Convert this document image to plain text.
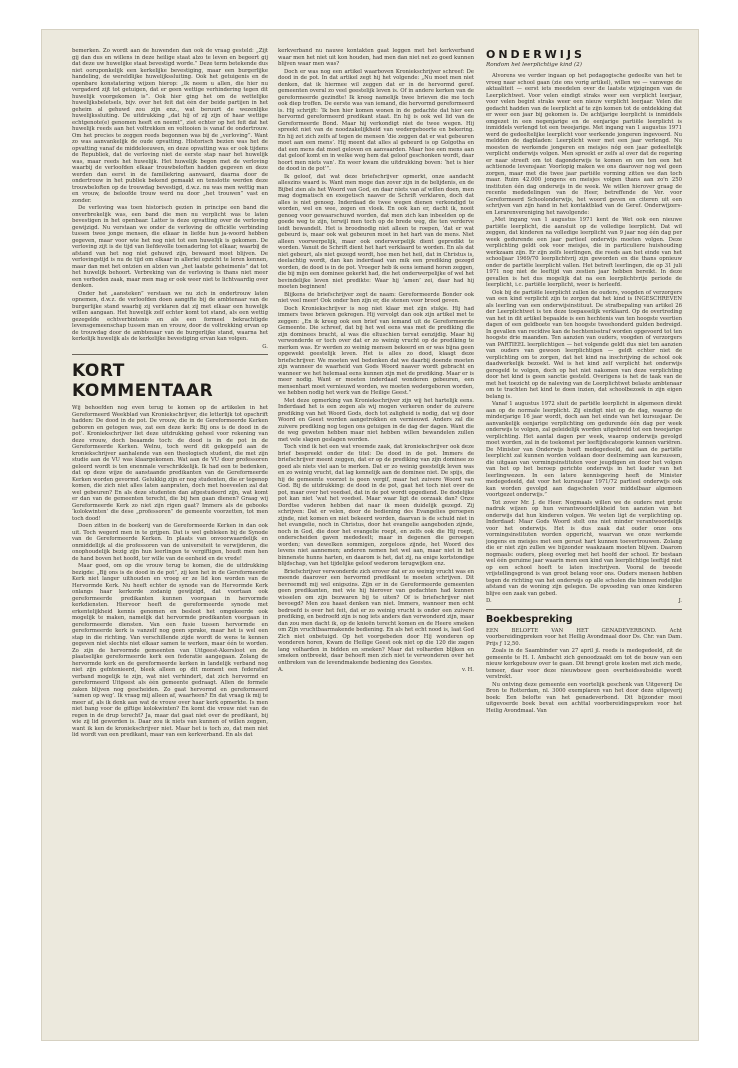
bemerken. Zo wordt aan de huwenden dan ook de vraag gesteld: „Zijt gij dan dus en willens in deze heilige staat alzo te leven en begeert gij dat deze uw huwelijke staat bevestigd worde.” Deze term betekende dus niet ooruponkelijk een kerkelijke bevestiging, maar een burgerlijke handeling, de wereldlijke huwelijkssluiting. Ook het getuigenis en de openbare konstatering wijzen hierop: „Ik neem u allen, die hier nu vergaderd zijt tot getuigen, dat er geen wettige verhindering tegen dit huwelijk voorgekomen is”. Ook hier ging het om de wettelijke huwelijksbeletsels, bijv. over het feit dat één der beide partijen in het geheim al gehuwd zou zijn enz., wat beruurt de wezenlijke huwelijkssluiting. De uitdrukking „dat hij of zij zijn of haar wettige echtgenote(e) genomen heeft en neemt”, ziet echter op het feit dat het huwelijk reeds aan het voltrekken en voltooien is vanaf de ondertrouw. Om het precies te zeggen reeds begonnen was bij de „verloving”. Want zo was aanvankelijk de oude opvatting. Historisch bezien was het de opvatting vanaf de middeleeuwen, en deze opvatting was er ook tijdens de Republiek, dat de verloving niet de eerste stap naar het huwelijk was, maar reeds het huwelijk. Het huwelijk begon met de verloving waarbij de verloofden elkaar trouwbeloften hadden gegeven en deze werden dan eerst in de familiekring aanvaard, daarna door de ondertrouw in het publiek bekend gemaakt en tenslotte werden deze trouwbeloften op de trouwdag bevestigd, d.w.z. nu was men wettig man en vrouw, de beloofde trouw werd nu door „het trouwen” vast en zonder.

De verloving was toen historisch gezien in principe een band die onverbrekelijk was, een band die men nu verplicht was te laten bevestigen in het openbaar. Latter is deze opvatting over de verloving gewijzigd. Nu verstaan we onder de verloving de officiële verbinding tussen twee jonge mensen, die elkaar in liefde hun ja-woord hebben gegeven, maar voor wie het nog niet tot een huwelijk is gekomen. De verloving zijt is de tijd van liefdevolle toenadering tot elkaar, waarbij de afstand van het nog niet gehuwd zijn, bewaard moet blijven. De verlovingstijd is nu de tijd om elkaar in allerlei opzicht te leren kennen, maar dan met het ontzien en alzien van „het laatste geheimenis” dat tot het huwelijk behoort. Verbreking van de verloving is thans niet meer een verboden zaak, maar men mag er ook weer niet te lichtvaardig over denken.

Onder het „aansteken” verstaan we nu zich in ondertrouw laten opnemen, d.w.z. de verloofden doen aangifte bij de ambtenaar van de burgerlijke stand waarbij zij verklaren dat zij met elkaar een huwelijk willen aangaan. Het huwelijk zelf echter komt tot stand, als een wettig gezegelde echtverbintenis en als een formeel bekrachtigde levensgemeenschap tussen man en vrouw, door de voltrekking ervan op de trouwdag door de ambtenaar van de burgerlijke stand, waarna het kerkelijk huwelijk als de kerkelijke bevestiging ervan kan volgen.

G.
KORT KOMMENTAAR

Wij behoefden nog even terug te komen op de artikelen in het Gereformeerd Weekblad van Kroniekschrijver, die letterlijk tot opschrift hadden: De dood in de pot. De vrouw, die in de Gereformeerde Kerken geboren en getogen was, zat een deze kerk: Bij ons is de dood in de pot’. Kroniekschrijver liet deze uitdrukking geheel voor rekening van deze vrouw, doch beaamde toch: de dood is in de pot in de Gereformeerde Kerken. Welnu, toch werd dit gekoppeld aan de kroniekschrijver aanhalende van een theologisch student, die met zijn studie aan de VU was klaargekomen. Wat aan de VU door professoren geleerd wordt is ten enenmale verschrikkelijk. Ik had een te bedenken, dat op deze wijze de aanstaande predikanten van de Gereformeerde Kerken worden gevormd. Gelukkig zijn er nog studenten, die er tegenop komen, die zich niet alles laten aanpraten, doch met hoeveelen zal dat wel gebeuren? En als deze studenten dan afgestudeerd zijn, wat komt er dan van de gemeenten terecht, die bij hen gaan dienen? Graag wij Gereformeerde Kerk zo niet zijn rigen gaat? Immers als de gebooks ‘kolokwinten’ die dese „professoren” de gemeente voorzetten, tot men toch dood!

Doen zitten in de boekerij van de Gereformeerde Kerken in dan ook uit. Toch wegerd men in te grijpen. Dat is wel gebleken bij de Synode van de Gereformeerde Kerken. In plaats van onvoorwaardelijk en onmiddellijk al die professoren van de universiteit te verwijderen, die onophoudelijk bezig zijn hun leerlingen te vergiftigen, houdt men hen de hand boven het hoofd, ter wille van de eenheid en de vrede!

Maar goed, om op die vrouw terug te komen, die de uitdrukking bezigde: „Bij ons is de dood in de pot”, zij ken het in de Gereformeerde Kerk niet langer uithouden en vroeg er ze lid kon worden van de Hervormde Kerk. Nu heeft echter de synode van de Hervormde Kerk onlangs haar kerkorde zodanig gewijzigd, dat voortaan ook gereformeerde predikanten kunnen voorgaan in hervormde kerkdiensten. Hiervoor heeft de gereformeerde synode met erkentelijkheid kennis genomen en besloot het omgekeerde ook mogelijk te maken, namelijk dat hervormde predikanten voorgaan in gereformeerde diensten. Van een fusie tussen hervormde en gereformeerde kerk is vanzelf nog geen sprake, maar het is wel een stap in die richting. Van verschillende zijde wordt de wens te kennen gegeven niet slechts niet elkaar samen te werken, maar één te worden. Zo zijn de hervormde gemeenten van Uitgeest-Akersloot en de plaatselijke gereformeerde kerk een federatie aangegaan. Zolang de hervormde kerk en de gereformeerde kerken in landelijk verband nog niet zijn geïntenieerd, bleek alleen op dit moment een federatief verband mogelijk te zijn, wat niet verhindert, dat zich hervormd en gereformeerd Uitgeest als één gemeente gedraagt. Allen de formele zaken blijven nog gescheiden. Zo gaat hervormd en gereformeerd ‘samen op weg’. Ik vraag mij alleen af, waarheen? En dat vraag ik mij te meer af, als ik denk aan wat de vrouw over haar kerk opmerkte. Is men niet bang voor de giftige kolokwinten? En komt die vrouw niet van de regen in de drup terecht? Ja, maar dat gaat niet over de predikant, bij wie zij lid geworden is. Daar zou ik niets van kunnen of willen zeggen, want ik ken de kroniekschrijver niet. Maar het is toch zo, dat men niet lid wordt van een predikant, maar van een kerkverband. En als dat

kerkverband nu nauwe kontakten gaat leggen met het kerkverband waar men het niet uit kon houden, had men dan niet net zo goed kunnen blijven waar men was?

Doch er was nog een artikel waarboven Kroniekschrijver schreef: De dood in de pot. In dat artikel zegt hij het volgende: „Nu moet men niet denken, dat ik hiermee wil zeggen dat er in de hervormd geref. gemeenten overal zo veel geestelijk leven is. Of in andere kerken van de gereformeerde gezindte! Ik kreeg namelijk twee brieven die me toch ook diep troffen. De eerste was van iemand, die hervormd gereformeerd is. Hij schrijft: ‘Ik ben hier komen wonen in de gedachte dat hier een hervormd gereformeerd predikant staat. En hij is ook wel lid van de Gereformeerde Bond. Maar hij verkondigt niet de twee wegen. Hij spreekt niet van de noodzakelijkheid van wedergeboorte en bekering. En hij zet zich zelfs af tegen de mensen ‘die zeggen dat er wat gebeuren moet aan een mens’. Hij meent dat alles al gebeurd is op Golgotha en dat een mens dat moet geloven en aanvaarden. Maar hoe een mens aan dat geloof komt en in welke weg hem dat geloof geschonken wordt, daar hoort men niets van’. En weer kwam die uitdrukking boven: ‘het is hier de dood in de pot’”.

Ik geloof, dat wat deze briefschrijver opmerkt, onze aandacht alleszins waard is. Want men moge dan zover zijn in de belijdenis, en de Bijbel zien als het Woord van God, en daar niets van af willen doen, men mag dogmatisch en exegetisch naaver de Schrift verklaren, doch dat alles is niet genoeg. Inderdaad de twee wegen dienen verkondigd te worden, wel en wee, zegen en vloek. En ook kan er, dacht ik, nooit genoeg voor gewaarschuwd worden, dat men zich kan inbeelden op de goede weg te zijn, terwijl men toch op de brede weg, die ten verderve leidt bewandelt. Het is broodnodig niet alleen te roepen, ‘dat er wat gebeurd is, maar ook wat gebeuren moet in het hart van de mens. Niet alleen voorwerpelijk, maar ook onderwerpelijk dient gepredikt te worden. Vanuit de Schrift dient het hart verklaard te worden. En als dat niet gebeurt, als niet gezegd wordt, hoe men het heil, dat in Christus is, deelachtig wordt, dan kan inderdaad van mik een prediking gezegd worden, de dood is in de pot. Vroeger heb ik eens iemand horen zeggen, die bij mijn een dominee gekerkt had, die het onderwerpelijke of wel het bevindelijke leven niet predikte: Waar hij ‘amen’ zei, daar had hij moeten beginnen!

Blijkens de briefschrijver zegt de naam: Gereformeerde Bonder ook niet veel meer! Ook onder hen zijn er, die stenen voor brood geven.

Doch Kroniekschrijver is nog niet klaar met zijn stukje. Hij had immers twee brieven gekregen. Hij vervolgt dan ook zijn artikel met te zeggen: „En ik kreeg ook een brief van iemand uit de Gereformeerde Gemeente. Die schreef, dat bij het wel eens was met de prediking die zijn dominees bracht, al was die eltuschien tervat eenzijdig. Maar hij verwonderde er toch over dat er zo weinig vrucht op de prediking te merken was. Er werden zo weinig mensen bekeerd en er was bijna geen opgewekt geestelijk leven. Het is alles zo dood, klaagt deze briefschrijver. We moeten wel bedenken dat we daarbij doende moeten zijn wanneer de waarheid van Gods Woord naaver wordt gebracht en wanneer we het helemaal eens kunnen zijn met de prediking. Maar er is meer nodig. Want er moeten inderdaad wonderen gebeuren, een mensenhart moet vernieuwd worden, we moeten wedergeboren worden, we hebben nodig het werk van de Heilige Geest.”

Met deze opmerking van Kroniekschrijver zijn wij het hartelijk eens. Inderdaad het is een zegen als wij mogen verkeren onder de zuivere prediking van het Woord Gods, doch tot zaligheid is nodig, dat wij door Woord en Geest worden aangetrokken en vernieuwd. Anders zal die zuivere prediking nog tegen ons getuigen in de dag der dagen. Want die de weg geweten hebben maar niet hebben willen bewandelen zullen met vele slagen geslagen worden.

Toch vind ik het een wat vreemde zaak, dat kroniekschrijver ook deze brief bespreekt onder de titel: De dood in de pot. Immers de briefschrijver meent zeggen, dat er op de prediking van zijn dominee zo goed als niets viel aan te merken. Dat er zo weinig geestelijk leven was en zo weinig vrucht, dat lag kennelijk aan de dominee niet. De spijs, die hij de gemeente voorzet is geen vergif, maar het zuivere Woord van God. Bij de uitdrukking: de dood in de pot, gaat het toch niet over de pot, maar over het voedsel, dat in de pot wordt opgediend. De dodelijke pot kan niet ‘wat het voedsel. Maar waar ligt de oorzaak dan? Onze Dordtse vaderen hebben dat naar ik meen duidelijk gezegd. Zij schrijven: Dat er velen, door de bediening des Evangelies geroepen zijnde, niet komen en niet bekeerd worden, daarvan is de schuld niet in het evangelie, noch in Christus, door het evangelie aangeboden zijnde, noch in God, die door het evangelie roept, en zelfs ook die Hij roept, onderscheiden gaven mededeelt; maar in degenen die geroepen worden; van dewelken sommigen, zorgeloos zijnde, het Woord des levens niet aannemen; anderen nemen het wel aan, maar niet in het binnenste hunns harten, en daarom is het, dat zij, na enige kortstondige blijdschap, van het tijdelijke geloof wederom terugwijken enz.

Briefschrijver verwonderde zich erover dat er zo weinig vrucht was en meende daarover een hervormd predikant te moeten schrijven. Dit bevreemdt mij wel enigszins. Zijn er in de Gereformeerde gemeenten geen predikanten, met wie hij hierover van gedachten had kunnen wisselen om zijn bezwaren bij te uiten? Of is briefschrijver niet bevoegd? Men zou haast denken van niet. Immers, wanneer men echt bedroefd is over het feit, dat er zo weinig vrucht is onder een zuivere prediking, en bedroefd zijn is nog iets anders dan verwonderd zijn, maar dan zou men dacht ik, op de knieën terecht komen en de Heere smeken om Zijn vruchtbaarmakende bediening. En als het echt nood is, laat God Zich niet onbetuigd. Op het voorgebeden door Hij wonderen op wonderen horen, Kwam de Heilige Geest ook niet op die 120 die zagen lang volharden in bidden en smeken? Maar dat volharden blijken en smeken ontbreekt, daar behoeft men zich niet te verwonderen over het ontbreken van de levendmakende bediening des Geestes.

A.	v. H.
ONDERWIJS
Rondom het leerplichtige kind (2)

Alvorens we verder ingaan op het pedagogische gedeelte van het te vroeg naar school gaan (zie ons vorig artikel), willen we — vanwege de aktualiteit — eerst iets meedelen over de laatste wijzigingen van de Leerplichtwet. Voor velen eindigt straks weer een verplicht leerjaar, voor velen begint straks weer een nieuw verplicht leerjaar. Velen die gedacht hadden van de leerplicht af te zijn komen tot de ontdekking dat er weer een jaar bij gekomen is. De achtjarige leerplicht is inmiddels omgezet in een negenjarige en de eenjarige partiële leerplicht is inmiddels verlengd tot een tweejarige. Met ingang van 1 augustus 1971 werd de gedeeltelijke leerplicht voor werkende jongeren ingevoerd. Nu meldden de dagbladen: Leerplicht weer met een jaar verlengd. Nu moesten de werkende jongeren en meisjes nóg een jaar gedeeltelijk verplicht onderwijs volgen. Men spreekt er zelfs al over dat de regering er naar streeft om tot dagonderwijs te komen en om ten een het achtienode levensjaar. Voorlopig maken we ons daarover nog wel geen zorgen, maar met die twee jaar partiële vorming zitten we dan toch maar. Ruim 42.000 jongens en meisjes volgen thans aan zo'n 250 instituten één dag onderwijs in de week. We willen hierover graag de recente mededelingen van de Heer, betreffende de Ver. voor Gereformeerd Schoolonderwijs, het woord geven en citeren uit een schrijven van zijn hand in het kontaktblad van de Geref. Onderwijzers- en Lerarenvereniging het navolgende:

„Met ingang van 1 augustus 1971 kent de Wet ook een nieuwe partiële leerplicht, die aansluit op de volledige leerplicht. Dat wil zeggen, dat kinderen na volledige leerplicht van 9 jaar nog één dag per week gedurende een jaar partieel onderwijs moeten volgen. Deze verplichting geldt ook voor meisjes, die in particuliere huishouding werkzaam zijn. Er zijn zelfs leerlingen, die reeds aan het einde van het schooljaar 1969/70 leerplichtvrij zijn geworden en die thans opnieuw onder de partiële leerplicht vallen. Het betreft leerlingen, die op 31 juli 1971 nog niet de leeftijd van zestien jaar hebben bereikt. In deze gevallen is het dus mogelijk dat na een leerplichtvrije periode de leerplicht, i.c. partiële leerplicht, weer is herleefd.

Ook bij de partiële leerplicht zullen de ouders, voogden of verzorgers van een kind verplicht zijn te zorgen dat het kind is INGESCHREVEN als leerling van een onderwijsinstituut. De strafbepaling van artikel 26 der Leerplichtwet is ten deze toepasselijk verklaard. Op de overtreding van het in dit artikel bepaalde is een hechtenis van ten hoogste veertien dagen of een geldboete van ten hoogste tweehonderd gulden bedreigd. In gevallen van recidive kan de hechtenisstraf worden opgevoerd tot ten hoogste drie maanden. Ten aanzien van ouders, voogden of verzorgers van PARTIEEL leerplichtigen — het volgende geldt dus niet ten aanzien van ouders van gewoon leerplichtigen — geldt echter niet de verplichting om te zorgen, dat het kind na inschrijving de school ook daadwerkelijk bezoekt. Wel is het kind zelf verplicht het onderwijs geregeld te volgen, doch op het niet nakomen van deze verplichting door het kind is geen sanctie gesteld. Overigens is het de taak van de met het toezicht op de naleving van de Leerplichtwet belaste ambtenaar om te trachten het kind te doen inzien, dat schoolbezoek in zijn eigen belang is.

Vanaf 1 augustus 1972 sluit de partiële leerplicht in algemeen direkt aan op de normale leerplicht. Zij eindigt niet op de dag, waarop de minderjarige 16 jaar wordt, doch aan het einde van het kursusjaar. De aanvankelijk eenjarige verplichting om gedurende één dag per week onderwijs te volgen, zal geleidelijk worden uitgebreid tot een tweejarige verplichting. Het aantal dagen per week, waarop onderwijs gevolgd moet worden, zal in de toekomst per leeftijdscategorie kunnen variëren. De Minister van Onderwijs heeft medegedeeld, dat aan de partiële leerplicht zal kunnen worden voldaan door deelneming aan kursussen, die uitgaan van vormingsinstituten voor jeugdigen en door het volgen van het op het beroep gerichte onderwijs in het kader van het leerlingwezen. In een latere kennisgeving heeft de Minister medegedeeld, dat voor het kursusjaar 1971/72 partieel onderwijs ook kan worden gevolgd aan dagscholen voor middelbaar algemeen voortgezet onderwijs.”

Tot zover Mr. J. de Heer. Nogmaals willen we de ouders met grote nadruk wijzen op hun verantwoordelijkheid ten aanzien van het onderwijs dat hun kinderen volgen. We weten ligt de verplichting op. Inderdaad: Maar Gods Woord stelt ons niet minder verantwoordelijk voor het onderwijs. Het is dus zaak dat ouder onze ons vormingsinstituten worden opgericht, waarvan we onze werkende jongens en meisjes met een gerust hart kunnen toevertrouwen. Zolang die er niet zijn zullen we bijzonder waakzaam moeten blijven. Daarom nogmaals: ouders, pleeg overleg met het hoofd der school. Er bestaan wel één geruime jaar waarin men een kind van leerplichtige leeftijd niet op een school hoeft te laten inschrijven. Vooral de tweede vrijstellingsgrond is van groot belang voor ons. Ouders mensen hebben tegen de richting van het onderwijs op alle scholen die binnen redelijke afstand van de woning zijn gelegen. De opvoeding van onze kinderen blijve een zaak van gebed.

D.	J.
Boekbespreking

EEN BELOFTE VAN HET GENADEVERBOND. Acht voorbereidingpreken voor het Heilig Avondmaal door Ds. Chr. van Dam. Prijs ƒ 12,50.

Zoals in de Saambinder van 27 april jl. reeds is medegedeeld, zit de gemeente te H. I. Ambacht zich genoodzaakt om tot de bouw van een nieuw kerkgebouw over te gaan. Dit brengt grote kosten met zich mede, temeer, daar voor deze nieuwbouw geen overheidssubsidie wordt verstrekt.

Nu ontving deze gemeente een voortelijk geschenk van Uitgeverij De Bron te Rotterdam, nl. 3000 exemplaren van het door deze uitgeverij boek: Een belofte van het genadeverbond. Dit bijzonder mooi uitgevoerde boek bevat een achttal voorbereidingspreken voor het Heilig Avondmaal. Van
